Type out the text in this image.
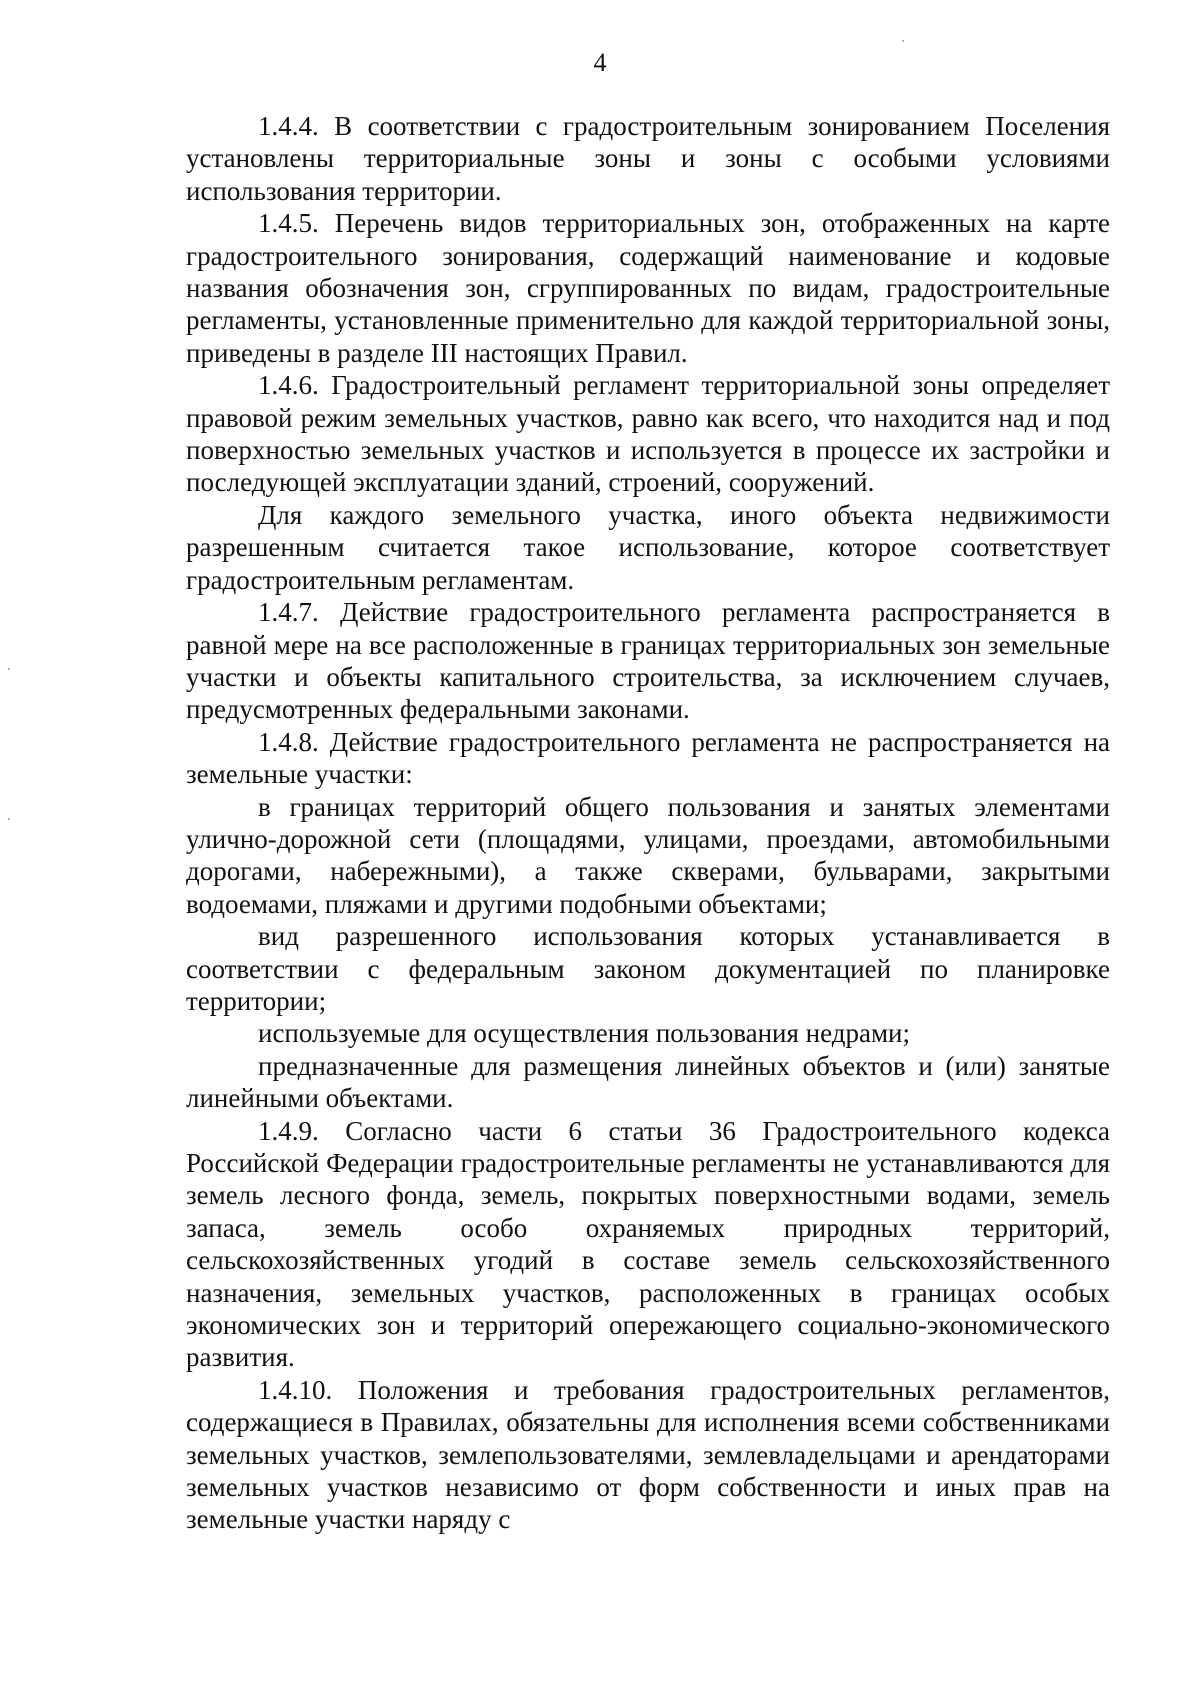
4

1.4.4. В соответствии с градостроительным зонированием Поселения установлены территориальные зоны и зоны с особыми условиями использования территории.

1.4.5. Перечень видов территориальных зон, отображенных на карте градостроительного зонирования, содержащий наименование и кодовые названия обозначения зон, сгруппированных по видам, градостроительные регламенты, установленные применительно для каждой территориальной зоны, приведены в разделе III настоящих Правил.

1.4.6. Градостроительный регламент территориальной зоны определяет правовой режим земельных участков, равно как всего, что находится над и под поверхностью земельных участков и используется в процессе их застройки и последующей эксплуатации зданий, строений, сооружений.

Для каждого земельного участка, иного объекта недвижимости разрешенным считается такое использование, которое соответствует градостроительным регламентам.

1.4.7. Действие градостроительного регламента распространяется в равной мере на все расположенные в границах территориальных зон земельные участки и объекты капитального строительства, за исключением случаев, предусмотренных федеральными законами.

1.4.8. Действие градостроительного регламента не распространяется на земельные участки:

в границах территорий общего пользования и занятых элементами улично-дорожной сети (площадями, улицами, проездами, автомобильными дорогами, набережными), а также скверами, бульварами, закрытыми водоемами, пляжами и другими подобными объектами;

вид разрешенного использования которых устанавливается в соответствии с федеральным законом документацией по планировке территории;

используемые для осуществления пользования недрами;

предназначенные для размещения линейных объектов и (или) занятые линейными объектами.

1.4.9. Согласно части 6 статьи 36 Градостроительного кодекса Российской Федерации градостроительные регламенты не устанавливаются для земель лесного фонда, земель, покрытых поверхностными водами, земель запаса, земель особо охраняемых природных территорий, сельскохозяйственных угодий в составе земель сельскохозяйственного назначения, земельных участков, расположенных в границах особых экономических зон и территорий опережающего социально-экономического развития.

1.4.10. Положения и требования градостроительных регламентов, содержащиеся в Правилах, обязательны для исполнения всеми собственниками земельных участков, землепользователями, землевладельцами и арендаторами земельных участков независимо от форм собственности и иных прав на земельные участки наряду с
